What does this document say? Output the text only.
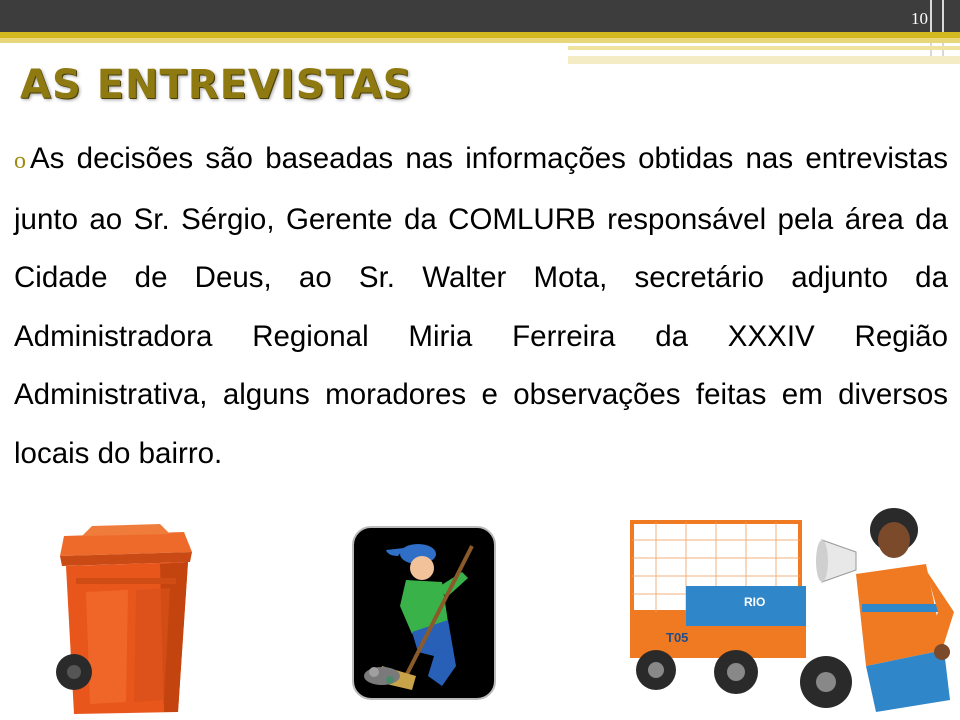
10
AS ENTREVISTAS
o As decisões são baseadas nas informações obtidas nas entrevistas junto ao Sr. Sérgio, Gerente da COMLURB responsável pela área da Cidade de Deus, ao Sr. Walter Mota, secretário adjunto da Administradora Regional Miria Ferreira da XXXIV Região Administrativa, alguns moradores e observações feitas em diversos locais do bairro.
RIO
T05
